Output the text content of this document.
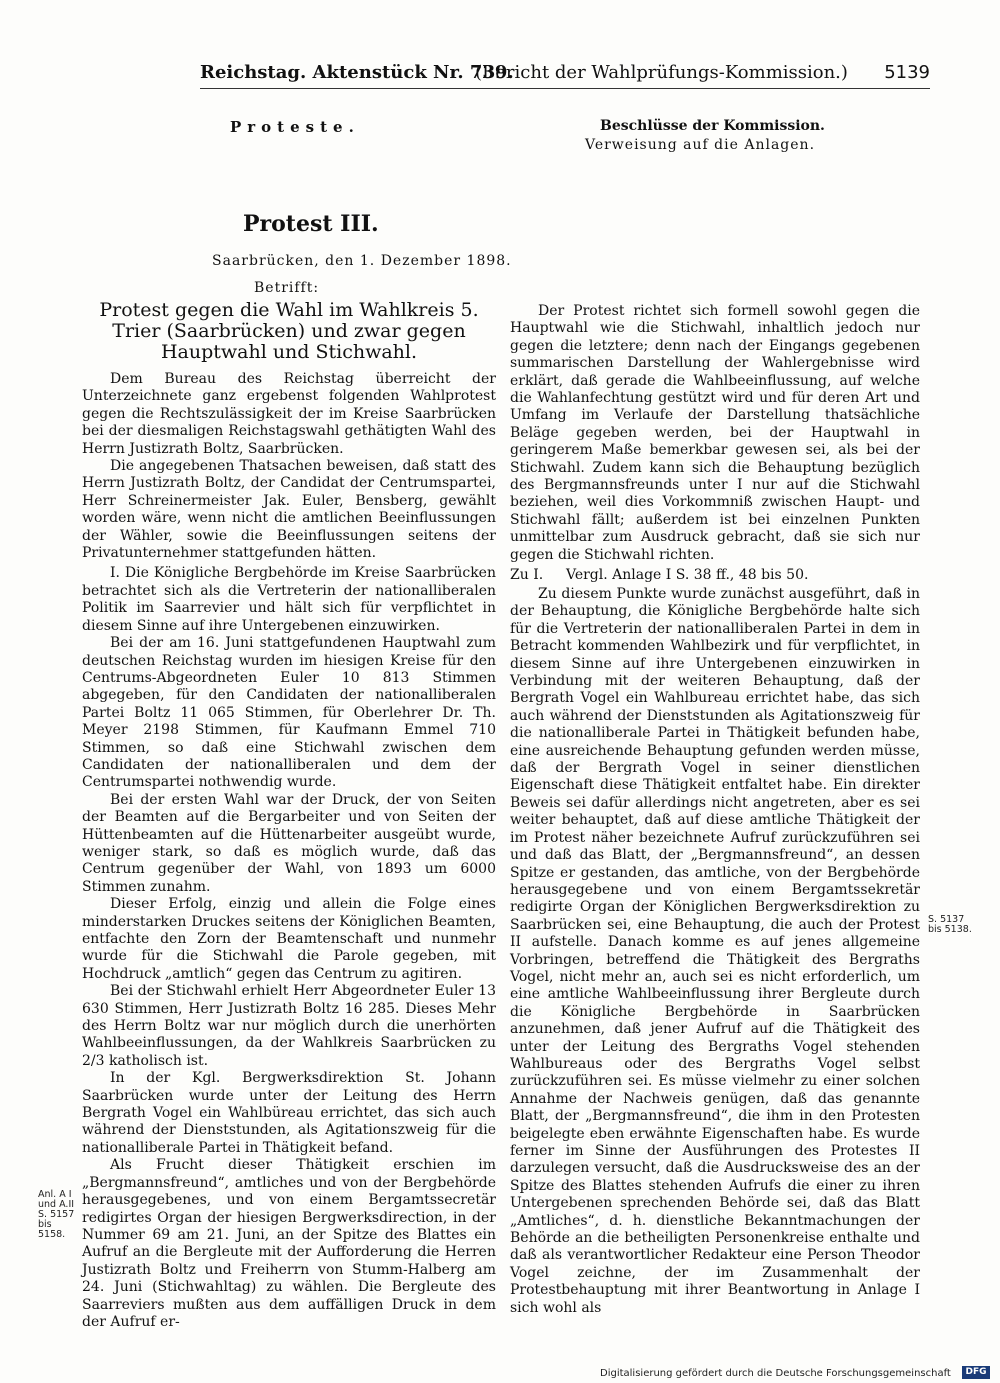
Reichstag. Aktenstück Nr. 739.
(Bericht der Wahlprüfungs-Kommission.) 5139
Proteste.	Beschlüsse der Kommission.
Verweisung auf die Anlagen.
Protest III.
Saarbrücken, den 1. Dezember 1898.
Betrifft:
Protest gegen die Wahl im Wahlkreis 5. Trier (Saarbrücken) und zwar gegen Hauptwahl und Stichwahl.

Dem Bureau des Reichstag überreicht der Unterzeichnete ganz ergebenst folgenden Wahlprotest gegen die Rechtszulässigkeit der im Kreise Saarbrücken bei der diesmaligen Reichstagswahl gethätigten Wahl des Herrn Justizrath Boltz, Saarbrücken.

Die angegebenen Thatsachen beweisen, daß statt des Herrn Justizrath Boltz, der Candidat der Centrumspartei, Herr Schreinermeister Jak. Euler, Bensberg, gewählt worden wäre, wenn nicht die amtlichen Beeinflussungen der Wähler, sowie die Beeinflussungen seitens der Privatunternehmer stattgefunden hätten.

I. Die Königliche Bergbehörde im Kreise Saarbrücken betrachtet sich als die Vertreterin der nationalliberalen Politik im Saarrevier und hält sich für verpflichtet in diesem Sinne auf ihre Untergebenen einzuwirken.

Bei der am 16. Juni stattgefundenen Hauptwahl zum deutschen Reichstag wurden im hiesigen Kreise für den Centrums-Abgeordneten Euler 10 813 Stimmen abgegeben, für den Candidaten der nationalliberalen Partei Boltz 11 065 Stimmen, für Oberlehrer Dr. Th. Meyer 2198 Stimmen, für Kaufmann Emmel 710 Stimmen, so daß eine Stichwahl zwischen dem Candidaten der nationalliberalen und dem der Centrumspartei nothwendig wurde.

Bei der ersten Wahl war der Druck, der von Seiten der Beamten auf die Bergarbeiter und von Seiten der Hüttenbeamten auf die Hüttenarbeiter ausgeübt wurde, weniger stark, so daß es möglich wurde, daß das Centrum gegenüber der Wahl, von 1893 um 6000 Stimmen zunahm.

Dieser Erfolg, einzig und allein die Folge eines minderstarken Druckes seitens der Königlichen Beamten, entfachte den Zorn der Beamtenschaft und nunmehr wurde für die Stichwahl die Parole gegeben, mit Hochdruck „amtlich“ gegen das Centrum zu agitiren.

Bei der Stichwahl erhielt Herr Abgeordneter Euler 13 630 Stimmen, Herr Justizrath Boltz 16 285. Dieses Mehr des Herrn Boltz war nur möglich durch die unerhörten Wahlbeeinflussungen, da der Wahlkreis Saarbrücken zu 2/3 katholisch ist.

In der Kgl. Bergwerksdirektion St. Johann Saarbrücken wurde unter der Leitung des Herrn Bergrath Vogel ein Wahlbüreau errichtet, das sich auch während der Dienststunden, als Agitationszweig für die nationalliberale Partei in Thätigkeit befand.

Als Frucht dieser Thätigkeit erschien im „Bergmannsfreund“, amtliches und von der Bergbehörde herausgegebenes, und von einem Bergamtssecretär redigirtes Organ der hiesigen Bergwerksdirection, in der Nummer 69 am 21. Juni, an der Spitze des Blattes ein Aufruf an die Bergleute mit der Aufforderung die Herren Justizrath Boltz und Freiherrn von Stumm-Halberg am 24. Juni (Stichwahltag) zu wählen. Die Bergleute des Saarreviers mußten aus dem auffälligen Druck in dem der Aufruf er-

Anl. A I und A.II S. 5157 bis 5158.

Der Protest richtet sich formell sowohl gegen die Hauptwahl wie die Stichwahl, inhaltlich jedoch nur gegen die letztere; denn nach der Eingangs gegebenen summarischen Darstellung der Wahlergebnisse wird erklärt, daß gerade die Wahlbeeinflussung, auf welche die Wahlanfechtung gestützt wird und für deren Art und Umfang im Verlaufe der Darstellung thatsächliche Beläge gegeben werden, bei der Hauptwahl in geringerem Maße bemerkbar gewesen sei, als bei der Stichwahl. Zudem kann sich die Behauptung bezüglich des Bergmannsfreunds unter I nur auf die Stichwahl beziehen, weil dies Vorkommniß zwischen Haupt- und Stichwahl fällt; außerdem ist bei einzelnen Punkten unmittelbar zum Ausdruck gebracht, daß sie sich nur gegen die Stichwahl richten.

Zu I. Vergl. Anlage I S. 38 ff., 48 bis 50.

Zu diesem Punkte wurde zunächst ausgeführt, daß in der Behauptung, die Königliche Bergbehörde halte sich für die Vertreterin der nationalliberalen Partei in dem in Betracht kommenden Wahlbezirk und für verpflichtet, in diesem Sinne auf ihre Untergebenen einzuwirken in Verbindung mit der weiteren Behauptung, daß der Bergrath Vogel ein Wahlbureau errichtet habe, das sich auch während der Dienststunden als Agitationszweig für die nationalliberale Partei in Thätigkeit befunden habe, eine ausreichende Behauptung gefunden werden müsse, daß der Bergrath Vogel in seiner dienstlichen Eigenschaft diese Thätigkeit entfaltet habe. Ein direkter Beweis sei dafür allerdings nicht angetreten, aber es sei weiter behauptet, daß auf diese amtliche Thätigkeit der im Protest näher bezeichnete Aufruf zurückzuführen sei und daß das Blatt, der „Bergmannsfreund“, an dessen Spitze er gestanden, das amtliche, von der Bergbehörde herausgegebene und von einem Bergamtssekretär redigirte Organ der Königlichen Bergwerksdirektion zu Saarbrücken sei, eine Behauptung, die auch der Protest II aufstelle. Danach komme es auf jenes allgemeine Vorbringen, betreffend die Thätigkeit des Bergraths Vogel, nicht mehr an, auch sei es nicht erforderlich, um eine amtliche Wahlbeeinflussung ihrer Bergleute durch die Königliche Bergbehörde in Saarbrücken anzunehmen, daß jener Aufruf auf die Thätigkeit des unter der Leitung des Bergraths Vogel stehenden Wahlbureaus oder des Bergraths Vogel selbst zurückzuführen sei. Es müsse vielmehr zu einer solchen Annahme der Nachweis genügen, daß das genannte Blatt, der „Bergmannsfreund“, die ihm in den Protesten beigelegte eben erwähnte Eigenschaften habe. Es wurde ferner im Sinne der Ausführungen des Protestes II darzulegen versucht, daß die Ausdrucksweise des an der Spitze des Blattes stehenden Aufrufs die einer zu ihren Untergebenen sprechenden Behörde sei, daß das Blatt „Amtliches“, d. h. dienstliche Bekanntmachungen der Behörde an die betheiligten Personenkreise enthalte und daß als verantwortlicher Redakteur eine Person Theodor Vogel zeichne, der im Zusammenhalt der Protestbehauptung mit ihrer Beantwortung in Anlage I sich wohl als

S. 5137 bis 5138.
Digitalisierung gefördert durch die Deutsche Forschungsgemeinschaft	DFG
